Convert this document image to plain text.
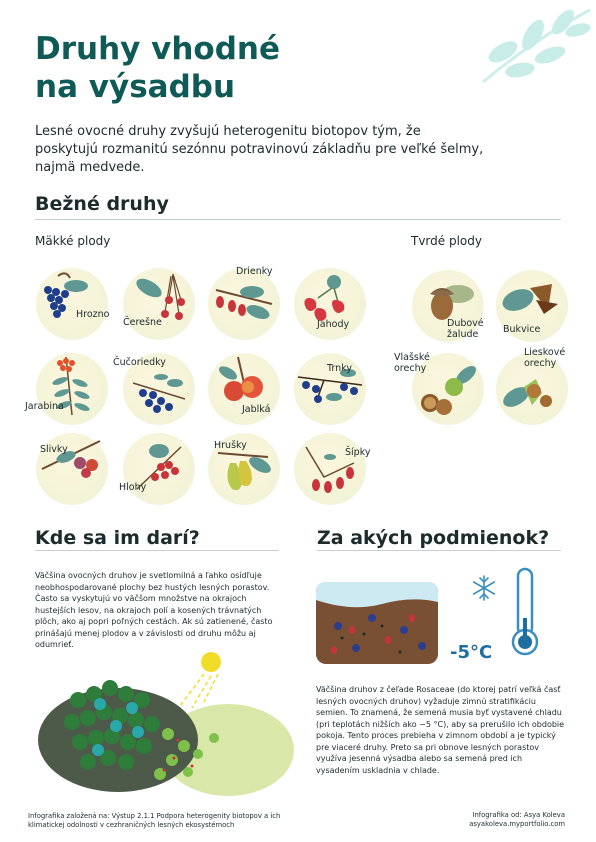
Druhy vhodné
na výsadbu

Lesné ovocné druhy zvyšujú heterogenitu biotopov tým, že poskytujú rozmanitú sezónnu potravinovú základňu pre veľké šelmy, najmä medvede.

Bežné druhy
Mäkké plody	Tvrdé plody
Hrozno
Čerešne
Drienky
Jahody	Dubové žalude	Bukvice
Jarabina
Čučoriedky
Jablká
Trnky
Vlašské orechy
Lieskové orechy
Slivky
Hlohy
Hrušky
Šípky
Kde sa im darí?

Väčšina ovocných druhov je svetlomilná a ľahko osídľuje neobhospodarované plochy bez hustých lesných porastov. Často sa vyskytujú vo väčšom množstve na okrajoch hustejších lesov, na okrajoch polí a kosených trávnatých plôch, ako aj popri poľných cestách. Ak sú zatienené, často prinášajú menej plodov a v závislosti od druhu môžu aj odumrieť.

Za akých podmienok?
-5°C

Väčšina druhov z čeľade Rosaceae (do ktorej patrí veľká časť lesných ovocných druhov) vyžaduje zimnú stratifikáciu semien. To znamená, že semená musia byť vystavené chladu (pri teplotách nižších ako −5 °C), aby sa prerušilo ich obdobie pokoja. Tento proces prebieha v zimnom období a je typický pre viaceré druhy. Preto sa pri obnove lesných porastov využíva jesenná výsadba alebo sa semená pred ich vysadením uskladnia v chlade.

Infografika založená na: Výstup 2.1.1 Podpora heterogenity biotopov a ich klimatickej odolnosti v cezhraničných lesných ekosystémoch

Infografika od: Asya Koleva
asyakoleva.myportfolio.com
